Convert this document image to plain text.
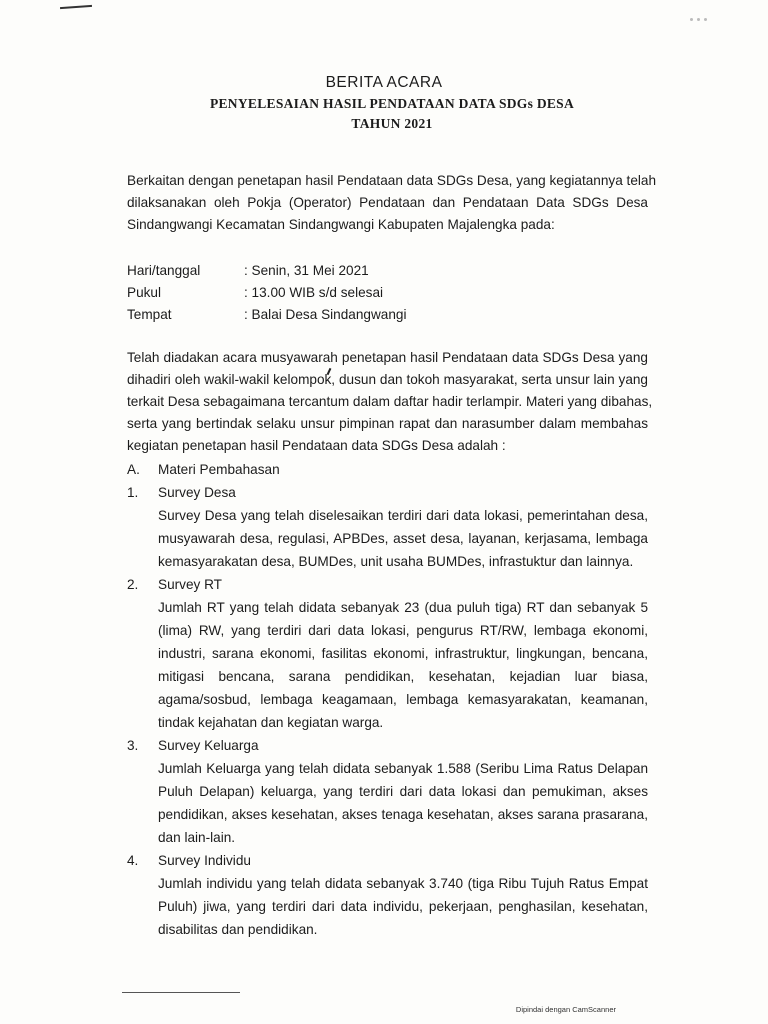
BERITA ACARA
PENYELESAIAN HASIL PENDATAAN DATA SDGs DESA
TAHUN 2021
Berkaitan dengan penetapan hasil Pendataan data SDGs Desa, yang kegiatannya telah
dilaksanakan oleh Pokja (Operator) Pendataan dan Pendataan Data SDGs Desa
Sindangwangi Kecamatan Sindangwangi Kabupaten Majalengka pada:
Hari/tanggal	: Senin, 31 Mei 2021
Pukul	: 13.00 WIB s/d selesai
Tempat	: Balai Desa Sindangwangi
Telah diadakan acara musyawarah penetapan hasil Pendataan data SDGs Desa yang
dihadiri oleh wakil-wakil kelompok, dusun dan tokoh masyarakat, serta unsur lain yang
terkait Desa sebagaimana tercantum dalam daftar hadir terlampir. Materi yang dibahas,
serta yang bertindak selaku unsur pimpinan rapat dan narasumber dalam membahas
kegiatan penetapan hasil Pendataan data SDGs Desa adalah :
A. Materi Pembahasan
1. Survey Desa
Survey Desa yang telah diselesaikan terdiri dari data lokasi, pemerintahan desa,
musyawarah desa, regulasi, APBDes, asset desa, layanan, kerjasama, lembaga
kemasyarakatan desa, BUMDes, unit usaha BUMDes, infrastuktur dan lainnya.
2. Survey RT
Jumlah RT yang telah didata sebanyak 23 (dua puluh tiga) RT dan sebanyak 5
(lima) RW, yang terdiri dari data lokasi, pengurus RT/RW, lembaga ekonomi,
industri, sarana ekonomi, fasilitas ekonomi, infrastruktur, lingkungan, bencana,
mitigasi bencana, sarana pendidikan, kesehatan, kejadian luar biasa,
agama/sosbud, lembaga keagamaan, lembaga kemasyarakatan, keamanan,
tindak kejahatan dan kegiatan warga.
3. Survey Keluarga
Jumlah Keluarga yang telah didata sebanyak 1.588 (Seribu Lima Ratus Delapan
Puluh Delapan) keluarga, yang terdiri dari data lokasi dan pemukiman, akses
pendidikan, akses kesehatan, akses tenaga kesehatan, akses sarana prasarana,
dan lain-lain.
4. Survey Individu
Jumlah individu yang telah didata sebanyak 3.740 (tiga Ribu Tujuh Ratus Empat
Puluh) jiwa, yang terdiri dari data individu, pekerjaan, penghasilan, kesehatan,
disabilitas dan pendidikan.
Dipindai dengan CamScanner
